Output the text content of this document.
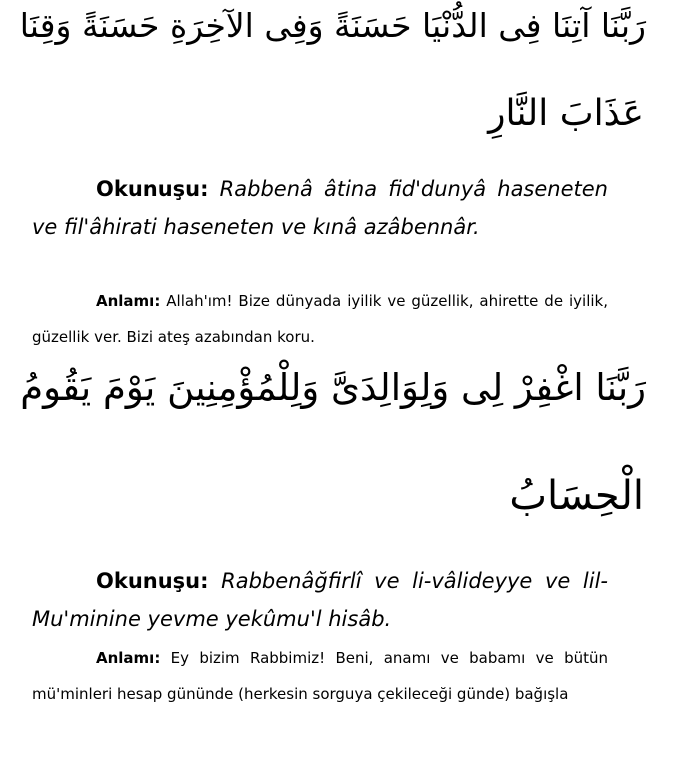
رَبَّنَا آتِنَا فِى الدُّنْيَا حَسَنَةً وَفِى الآخِرَةِ حَسَنَةً وَقِنَا
عَذَابَ النَّارِ
Okunuşu: Rabbenâ âtina fid'dunyâ haseneten ve fil'âhirati haseneten ve kınâ azâbennâr.
Anlamı: Allah'ım! Bize dünyada iyilik ve güzellik, ahirette de iyilik, güzellik ver. Bizi ateş azabından koru.
رَبَّنَا اغْفِرْ لِى وَلِوَالِدَىَّ وَلِلْمُؤْمِنِينَ يَوْمَ يَقُومُ
الْحِسَابُ
Okunuşu: Rabbenâğfirlî ve li-vâlideyye ve lil-Mu'minine yevme yekûmu'l hisâb.
Anlamı: Ey bizim Rabbimiz! Beni, anamı ve babamı ve bütün mü'minleri hesap gününde (herkesin sorguya çekileceği günde) bağışla
